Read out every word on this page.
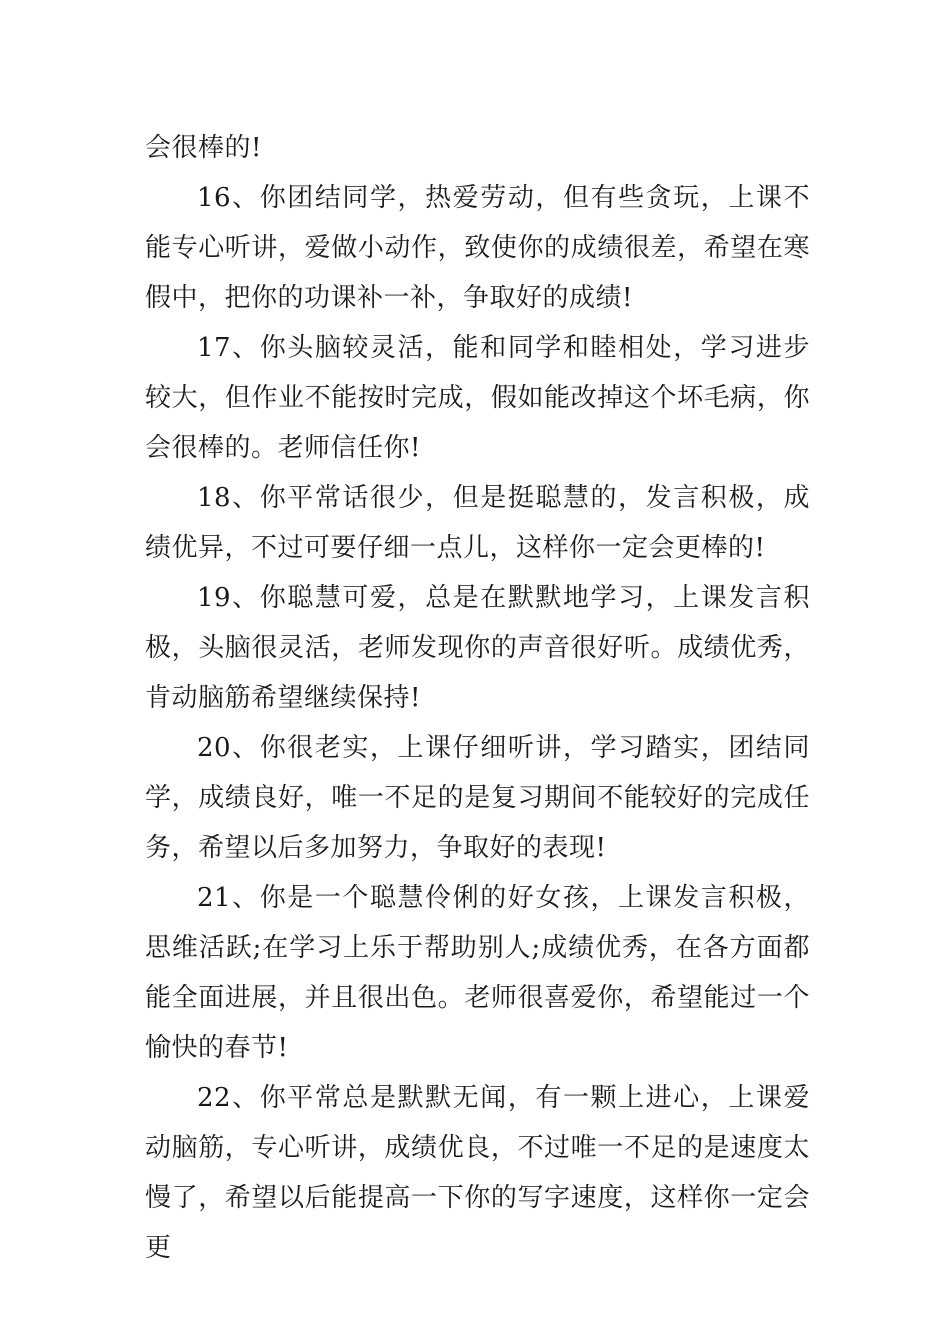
会很棒的!

16、你团结同学，热爱劳动，但有些贪玩，上课不能专心听讲，爱做小动作，致使你的成绩很差，希望在寒假中，把你的功课补一补，争取好的成绩!

17、你头脑较灵活，能和同学和睦相处，学习进步较大，但作业不能按时完成，假如能改掉这个坏毛病，你会很棒的。老师信任你!

18、你平常话很少，但是挺聪慧的，发言积极，成绩优异，不过可要仔细一点儿，这样你一定会更棒的!

19、你聪慧可爱，总是在默默地学习，上课发言积极，头脑很灵活，老师发现你的声音很好听。成绩优秀，肯动脑筋希望继续保持!

20、你很老实，上课仔细听讲，学习踏实，团结同学，成绩良好，唯一不足的是复习期间不能较好的完成任务，希望以后多加努力，争取好的表现!

21、你是一个聪慧伶俐的好女孩，上课发言积极，思维活跃;在学习上乐于帮助别人;成绩优秀，在各方面都能全面进展，并且很出色。老师很喜爱你，希望能过一个愉快的春节!

22、你平常总是默默无闻，有一颗上进心，上课爱动脑筋，专心听讲，成绩优良，不过唯一不足的是速度太慢了，希望以后能提高一下你的写字速度，这样你一定会更
